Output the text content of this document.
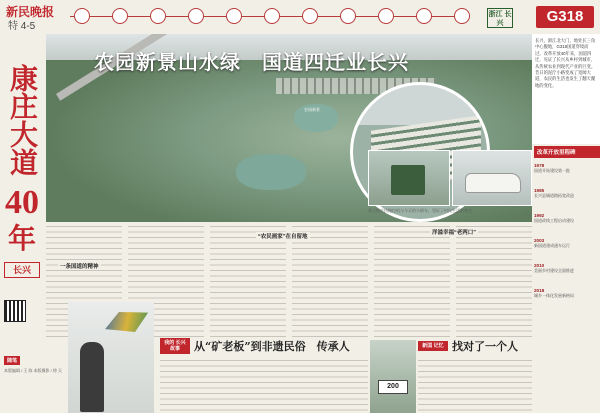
新民晚报
特 4-5
浙江 长兴	G318
康庄大道
40
年
长兴
农园新景
农园新景山水绿　国道四迁业长兴

长兴，浙江北大门，地处长三角中心腹地，G318国道穿境而过。改革开放40年来，国道四迁，见证了长兴从乡村到城市、从传统农业到现代产业的巨变。昔日的泥泞小路变成了宽阔大道，农民的生活也发生了翻天覆地的变化。

昔日的手扶拖拉机与今天的小轿车，见证了村民生活的变迁
改革开放里程碑
1978
国道开始建设第一批
1985
长兴县城道路拓宽改造
1992
国道改线工程启动建设
2003
新国道建成通车运行
2010
美丽乡村建设全面推进
2018
城乡一体化发展新格局
一条国道的精神
“农民画家”在自留地
洋溢幸福“老两口”
我的 长兴故事	从“矿老板”到非遗民俗　传承人
200
新国 记忆 找对了一个人
随笔
本版编辑 / 王 陈 本版摄影 / 徐 天
